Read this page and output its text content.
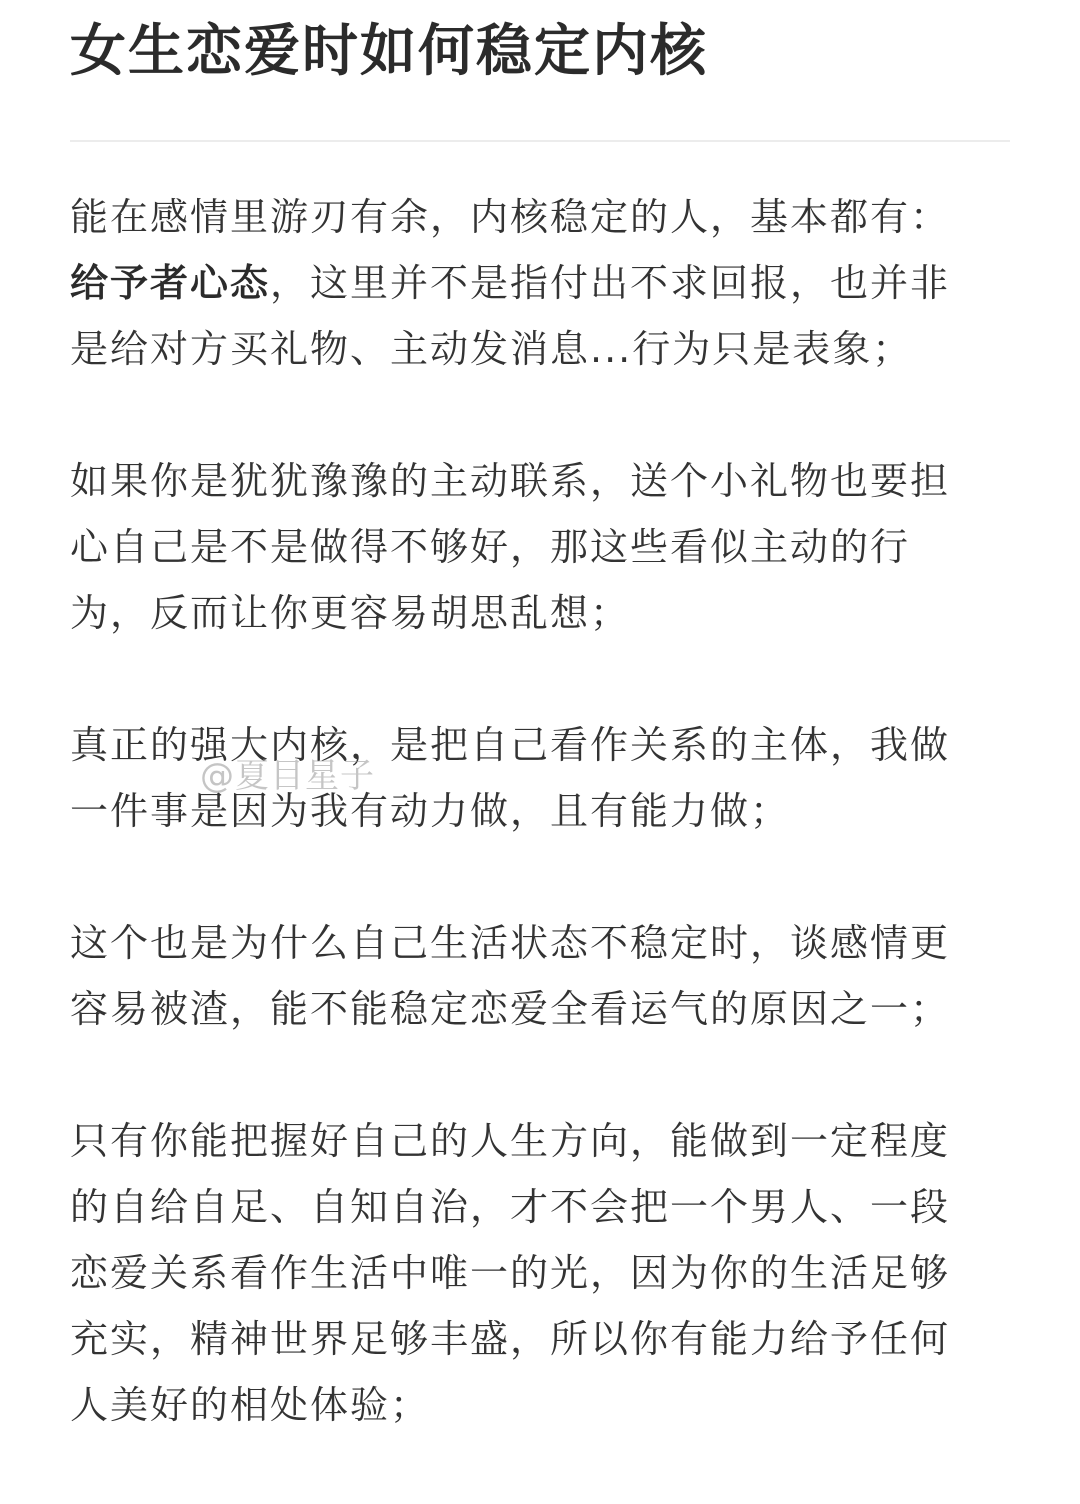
女生恋爱时如何稳定内核

能在感情里游刃有余，内核稳定的人，基本都有：
给予者心态，这里并不是指付出不求回报，也并非
是给对方买礼物、主动发消息...行为只是表象；

如果你是犹犹豫豫的主动联系，送个小礼物也要担
心自己是不是做得不够好，那这些看似主动的行
为，反而让你更容易胡思乱想；

真正的强大内核，是把自己看作关系的主体，我做
一件事是因为我有动力做，且有能力做；

这个也是为什么自己生活状态不稳定时，谈感情更
容易被渣，能不能稳定恋爱全看运气的原因之一；

只有你能把握好自己的人生方向，能做到一定程度
的自给自足、自知自治，才不会把一个男人、一段
恋爱关系看作生活中唯一的光，因为你的生活足够
充实，精神世界足够丰盛，所以你有能力给予任何
人美好的相处体验；

@夏目星子
